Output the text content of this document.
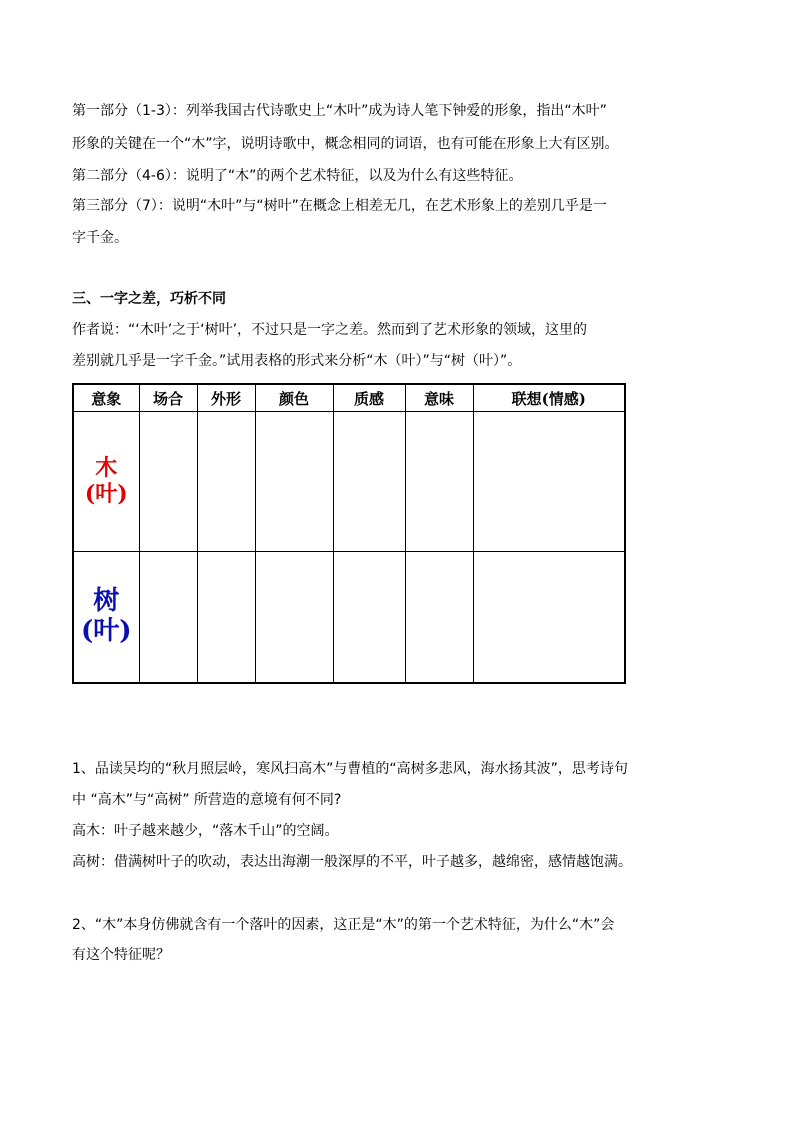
第一部分（1-3）：列举我国古代诗歌史上“木叶”成为诗人笔下钟爱的形象，指出“木叶”

形象的关键在一个“木”字，说明诗歌中，概念相同的词语，也有可能在形象上大有区别。

第二部分（4-6）：说明了“木”的两个艺术特征，以及为什么有这些特征。

第三部分（7）：说明“木叶”与“树叶”在概念上相差无几，在艺术形象上的差别几乎是一

字千金。

三、一字之差，巧析不同

作者说：“‘木叶’之于‘树叶’，不过只是一字之差。然而到了艺术形象的领域，这里的

差别就几乎是一字千金。”试用表格的形式来分析“木（叶）”与“树（叶）”。

意象	场合	外形	颜色	质感	意味	联想(情感)

木
(叶)						

树
(叶)						

1、品读吴均的“秋月照层岭，寒风扫高木”与曹植的“高树多悲风，海水扬其波”，思考诗句

中 “高木”与“高树” 所营造的意境有何不同?

高木：叶子越来越少，“落木千山”的空阔。

高树：借满树叶子的吹动，表达出海潮一般深厚的不平，叶子越多，越绵密，感情越饱满。

2、“木”本身仿佛就含有一个落叶的因素，这正是“木”的第一个艺术特征，为什么“木”会

有这个特征呢？
